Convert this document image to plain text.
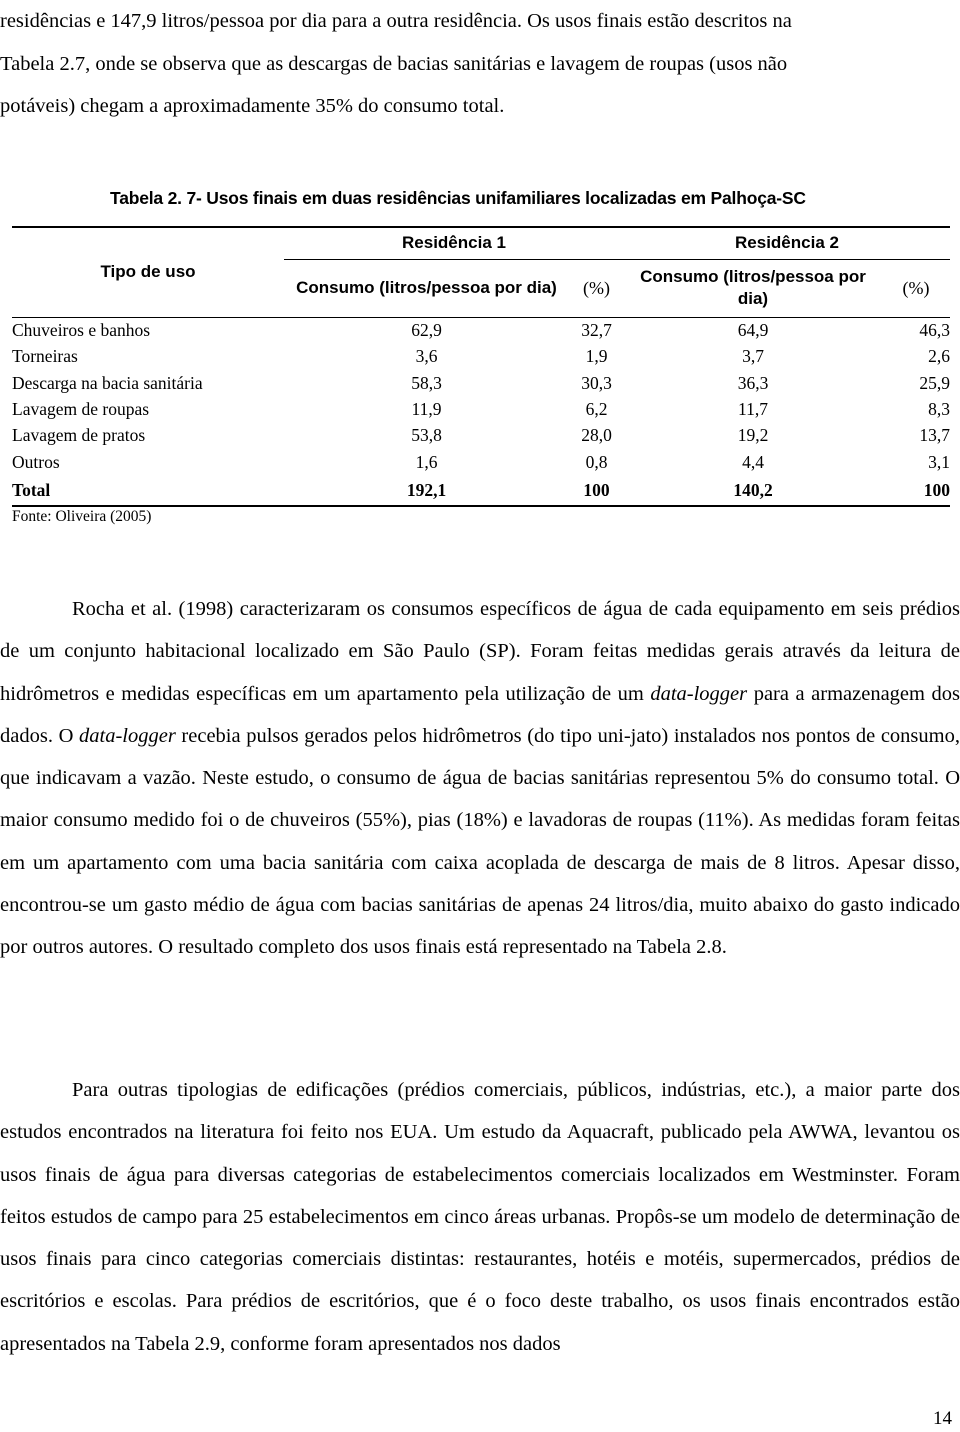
residências e 147,9 litros/pessoa por dia para a outra residência. Os usos finais estão descritos na
Tabela 2.7, onde se observa que as descargas de bacias sanitárias e lavagem de roupas (usos não
potáveis) chegam a aproximadamente 35% do consumo total.

Tabela 2. 7- Usos finais em duas residências unifamiliares localizadas em Palhoça-SC
Tipo de uso	Residência 1		Residência 2	
	Consumo (litros/pessoa por dia)	(%)	Consumo (litros/pessoa por dia)	(%)
Chuveiros e banhos	62,9	32,7	64,9	46,3
Torneiras	3,6	1,9	3,7	2,6
Descarga na bacia sanitária	58,3	30,3	36,3	25,9
Lavagem de roupas	11,9	6,2	11,7	8,3
Lavagem de pratos	53,8	28,0	19,2	13,7
Outros	1,6	0,8	4,4	3,1
Total	192,1	100	140,2	100
Fonte: Oliveira (2005)

Rocha et al. (1998) caracterizaram os consumos específicos de água de cada equipamento em seis prédios de um conjunto habitacional localizado em São Paulo (SP). Foram feitas medidas gerais através da leitura de hidrômetros e medidas específicas em um apartamento pela utilização de um data-logger para a armazenagem dos dados. O data-logger recebia pulsos gerados pelos hidrômetros (do tipo uni-jato) instalados nos pontos de consumo, que indicavam a vazão. Neste estudo, o consumo de água de bacias sanitárias representou 5% do consumo total. O maior consumo medido foi o de chuveiros (55%), pias (18%) e lavadoras de roupas (11%). As medidas foram feitas em um apartamento com uma bacia sanitária com caixa acoplada de descarga de mais de 8 litros. Apesar disso, encontrou-se um gasto médio de água com bacias sanitárias de apenas 24 litros/dia, muito abaixo do gasto indicado por outros autores. O resultado completo dos usos finais está representado na Tabela 2.8.

Para outras tipologias de edificações (prédios comerciais, públicos, indústrias, etc.), a maior parte dos estudos encontrados na literatura foi feito nos EUA. Um estudo da Aquacraft, publicado pela AWWA, levantou os usos finais de água para diversas categorias de estabelecimentos comerciais localizados em Westminster. Foram feitos estudos de campo para 25 estabelecimentos em cinco áreas urbanas. Propôs-se um modelo de determinação de usos finais para cinco categorias comerciais distintas: restaurantes, hotéis e motéis, supermercados, prédios de escritórios e escolas. Para prédios de escritórios, que é o foco deste trabalho, os usos finais encontrados estão apresentados na Tabela 2.9, conforme foram apresentados nos dados

14
